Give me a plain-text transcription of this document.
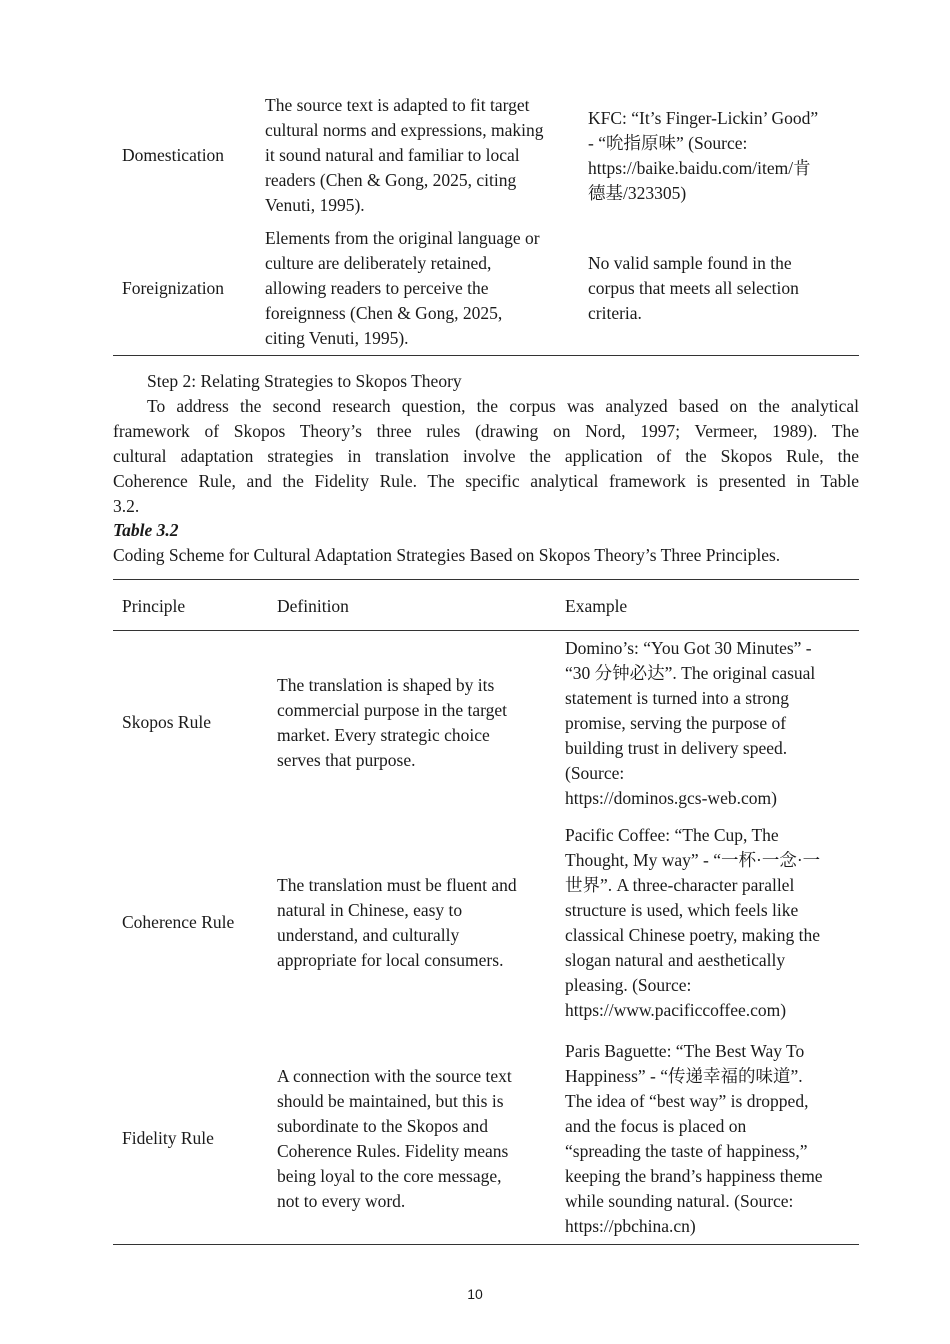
Domestication
The source text is adapted to fit target
cultural norms and expressions, making
it sound natural and familiar to local
readers (Chen & Gong, 2025, citing
Venuti, 1995).
KFC: “It’s Finger-Lickin’ Good”
- “吮指原味” (Source:
https://baike.baidu.com/item/肯
德基/323305)
Foreignization
Elements from the original language or
culture are deliberately retained,
allowing readers to perceive the
foreignness (Chen & Gong, 2025,
citing Venuti, 1995).
No valid sample found in the
corpus that meets all selection
criteria.
Step 2: Relating Strategies to Skopos Theory
To address the second research question, the corpus was analyzed based on the analytical
framework of Skopos Theory’s three rules (drawing on Nord, 1997; Vermeer, 1989). The
cultural adaptation strategies in translation involve the application of the Skopos Rule, the
Coherence Rule, and the Fidelity Rule. The specific analytical framework is presented in Table
3.2.
Table 3.2
Coding Scheme for Cultural Adaptation Strategies Based on Skopos Theory’s Three Principles.
Principle	Definition	Example
Skopos Rule
The translation is shaped by its
commercial purpose in the target
market. Every strategic choice
serves that purpose.
Domino’s: “You Got 30 Minutes” -
“30 分钟必达”. The original casual
statement is turned into a strong
promise, serving the purpose of
building trust in delivery speed.
(Source:
https://dominos.gcs-web.com)
Coherence Rule
The translation must be fluent and
natural in Chinese, easy to
understand, and culturally
appropriate for local consumers.
Pacific Coffee: “The Cup, The
Thought, My way” - “一杯·一念·一
世界”. A three-character parallel
structure is used, which feels like
classical Chinese poetry, making the
slogan natural and aesthetically
pleasing. (Source:
https://www.pacificcoffee.com)
Fidelity Rule
A connection with the source text
should be maintained, but this is
subordinate to the Skopos and
Coherence Rules. Fidelity means
being loyal to the core message,
not to every word.
Paris Baguette: “The Best Way To
Happiness” - “传递幸福的味道”.
The idea of “best way” is dropped,
and the focus is placed on
“spreading the taste of happiness,”
keeping the brand’s happiness theme
while sounding natural. (Source:
https://pbchina.cn)
10
